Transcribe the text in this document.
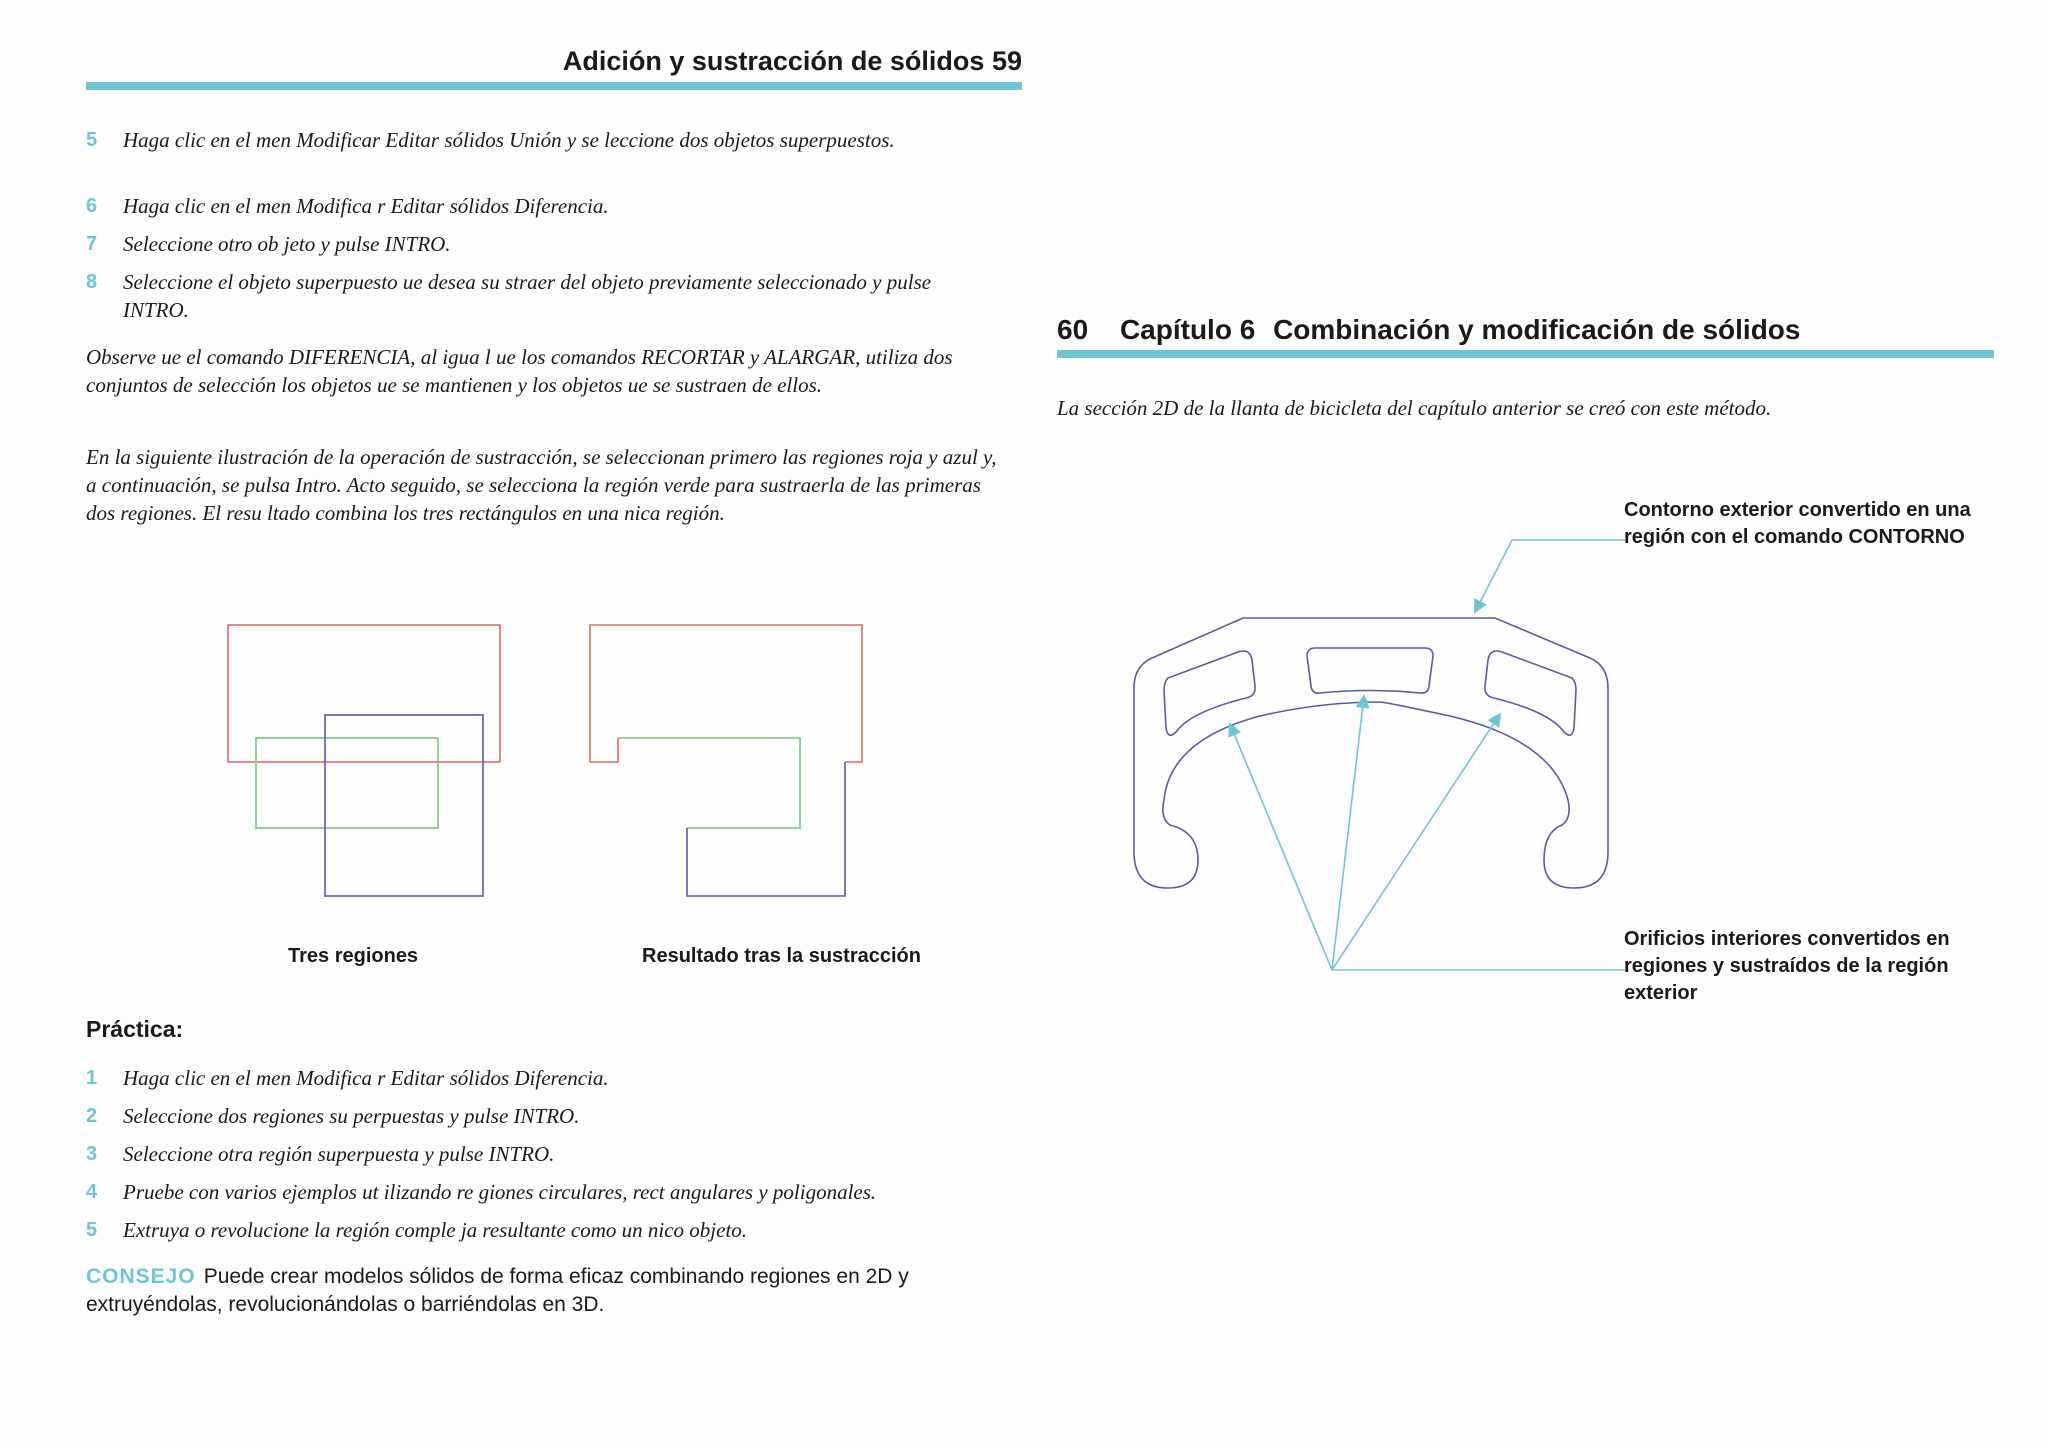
Adición y sustracción de sólidos 59
5 Haga clic en el men Modificar Editar sólidos Unión y se leccione dos objetos superpuestos.
6 Haga clic en el men Modifica r Editar sólidos Diferencia.
7 Seleccione otro ob jeto y pulse INTRO.
8 Seleccione el objeto superpuesto ue desea su straer del objeto previamente seleccionado y pulse INTRO.
Observe ue el comando DIFERENCIA, al igua l ue los comandos RECORTAR y ALARGAR, utiliza dos conjuntos de selección los objetos ue se mantienen y los objetos ue se sustraen de ellos.
En la siguiente ilustración de la operación de sustracción, se seleccionan primero las regiones roja y azul y, a continuación, se pulsa Intro. Acto seguido, se selecciona la región verde para sustraerla de las primeras dos regiones. El resu ltado combina los tres rectángulos en una nica región.
Tres regiones	Resultado tras la sustracción
Práctica:
1 Haga clic en el men Modifica r Editar sólidos Diferencia.
2 Seleccione dos regiones su perpuestas y pulse INTRO.
3 Seleccione otra región superpuesta y pulse INTRO.
4 Pruebe con varios ejemplos ut ilizando re giones circulares, rect angulares y poligonales.
5 Extruya o revolucione la región comple ja resultante como un nico objeto.
CONSEJO Puede crear modelos sólidos de forma eficaz combinando regiones en 2D y extruyéndolas, revolucionándolas o barriéndolas en 3D.
60 Capítulo 6 Combinación y modificación de sólidos
La sección 2D de la llanta de bicicleta del capítulo anterior se creó con este método.
Contorno exterior convertido en una región con el comando CONTORNO
Orificios interiores convertidos en regiones y sustraídos de la región exterior
